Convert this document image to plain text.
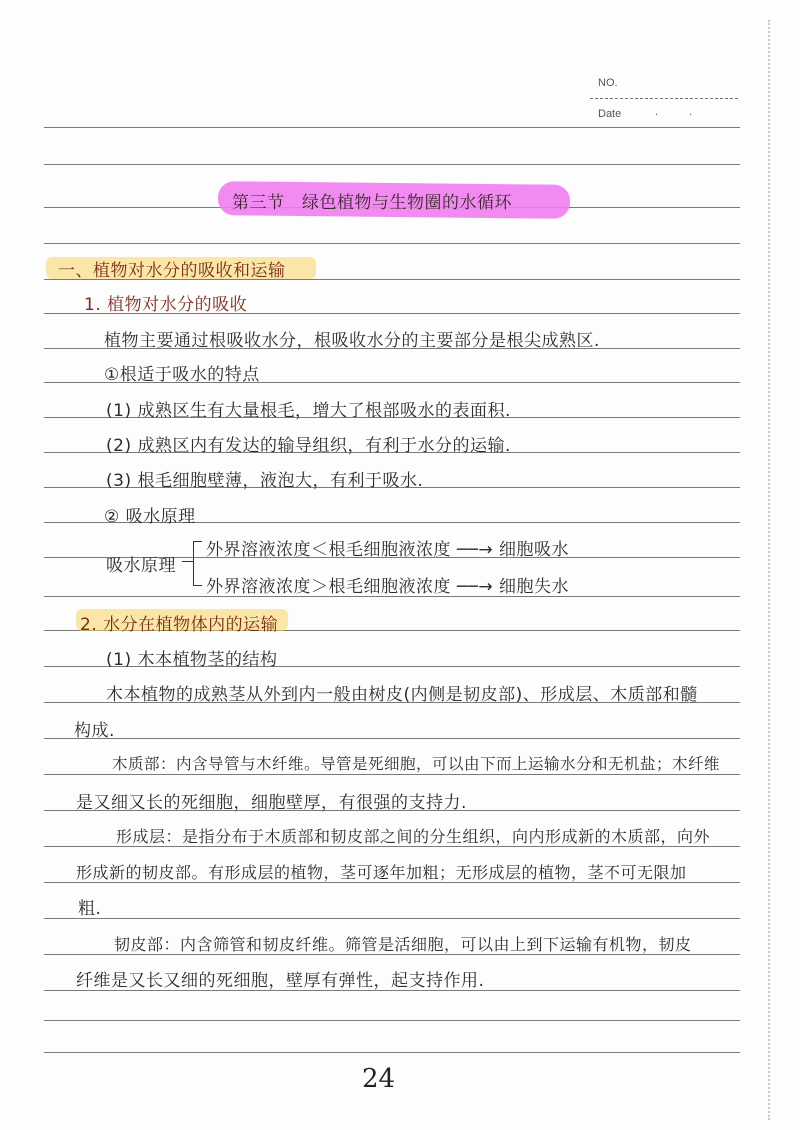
NO.
Date	. .
第三节　绿色植物与生物圈的水循环
一、植物对水分的吸收和运输
1. 植物对水分的吸收
植物主要通过根吸收水分，根吸收水分的主要部分是根尖成熟区.
①根适于吸水的特点
(1) 成熟区生有大量根毛，增大了根部吸水的表面积.
(2) 成熟区内有发达的输导组织，有利于水分的运输.
(3) 根毛细胞壁薄，液泡大，有利于吸水.
② 吸水原理
吸水原理
外界溶液浓度＜根毛细胞液浓度 ──→ 细胞吸水
外界溶液浓度＞根毛细胞液浓度 ──→ 细胞失水
2. 水分在植物体内的运输
(1) 木本植物茎的结构
木本植物的成熟茎从外到内一般由树皮(内侧是韧皮部)、形成层、木质部和髓
构成.
木质部：内含导管与木纤维。导管是死细胞，可以由下而上运输水分和无机盐；木纤维
是又细又长的死细胞，细胞壁厚，有很强的支持力.
形成层：是指分布于木质部和韧皮部之间的分生组织，向内形成新的木质部，向外
形成新的韧皮部。有形成层的植物，茎可逐年加粗；无形成层的植物，茎不可无限加
粗.
韧皮部：内含筛管和韧皮纤维。筛管是活细胞，可以由上到下运输有机物，韧皮
纤维是又长又细的死细胞，壁厚有弹性，起支持作用.
24
